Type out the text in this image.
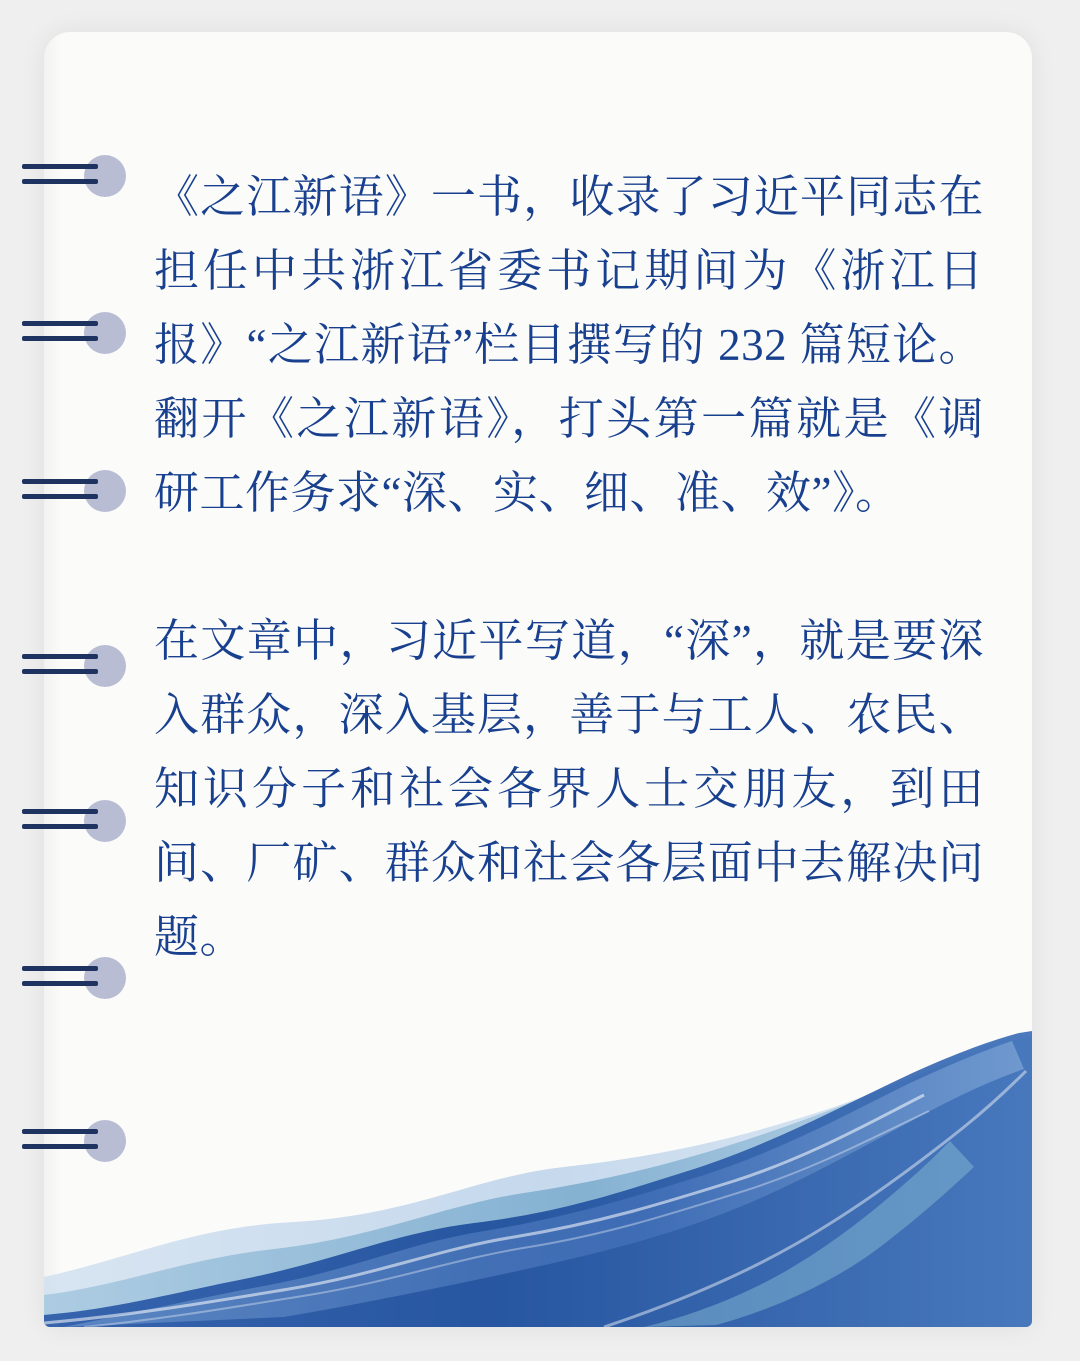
《之江新语》一书，收录了习近平同志在担任中共浙江省委书记期间为《浙江日报》“之江新语”栏目撰写的 232 篇短论。翻开《之江新语》，打头第一篇就是《调研工作务求“深、实、细、准、效”》。

在文章中，习近平写道，“深”，就是要深入群众，深入基层，善于与工人、农民、知识分子和社会各界人士交朋友，到田间、厂矿、群众和社会各层面中去解决问题。
